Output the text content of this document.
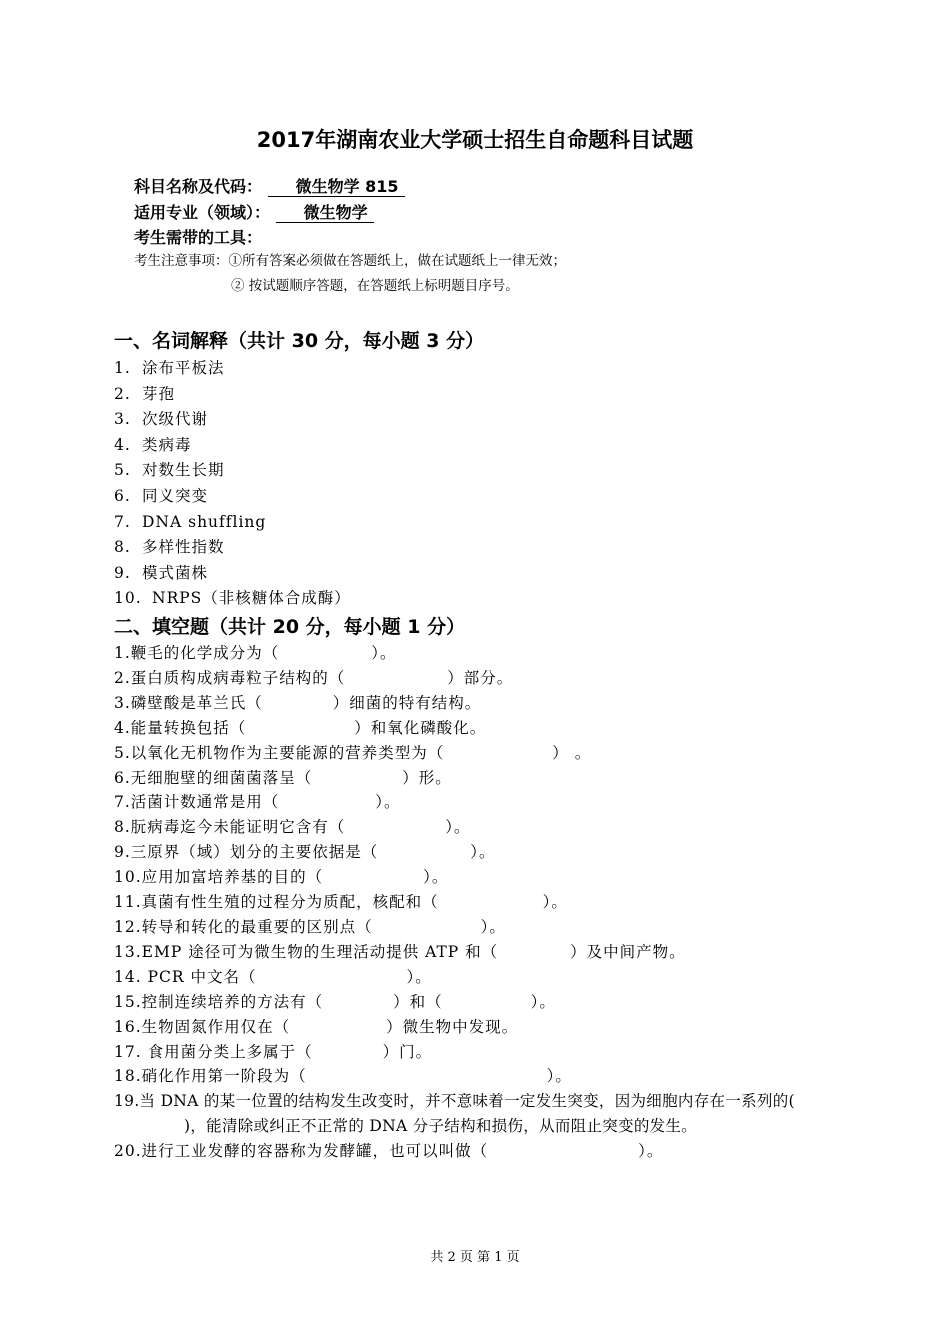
2017年湖南农业大学硕士招生自命题科目试题
科目名称及代码： 微生物学 815
适用专业（领域）： 微生物学
考生需带的工具：
考生注意事项：①所有答案必须做在答题纸上，做在试题纸上一律无效；
② 按试题顺序答题，在答题纸上标明题目序号。
一、名词解释（共计 30 分，每小题 3 分）
1. 涂布平板法
2. 芽孢
3. 次级代谢
4. 类病毒
5. 对数生长期
6. 同义突变
7. DNA shuffling
8. 多样性指数
9. 模式菌株
10. NRPS（非核糖体合成酶）
二、填空题（共计 20 分，每小题 1 分）
1.鞭毛的化学成分为（	）。
2.蛋白质构成病毒粒子结构的（	）部分。
3.磷壁酸是革兰氏（	）细菌的特有结构。
4.能量转换包括（	）和氧化磷酸化。
5.以氧化无机物作为主要能源的营养类型为（	） 。
6.无细胞壁的细菌菌落呈（	）形。
7.活菌计数通常是用（	）。
8.朊病毒迄今未能证明它含有（	）。
9.三原界（域）划分的主要依据是（	）。
10.应用加富培养基的目的（	）。
11.真菌有性生殖的过程分为质配，核配和（	）。
12.转导和转化的最重要的区别点（	）。
13.EMP 途径可为微生物的生理活动提供 ATP 和（	）及中间产物。
14. PCR 中文名（	）。
15.控制连续培养的方法有（	）和（	）。
16.生物固氮作用仅在（	）微生物中发现。
17. 食用菌分类上多属于（	）门。
18.硝化作用第一阶段为（	）。
19.当 DNA 的某一位置的结构发生改变时，并不意味着一定发生突变，因为细胞内存在一系列的()，能清除或纠正不正常的 DNA 分子结构和损伤，从而阻止突变的发生。
20.进行工业发酵的容器称为发酵罐，也可以叫做（	）。
共 2 页 第 1 页
